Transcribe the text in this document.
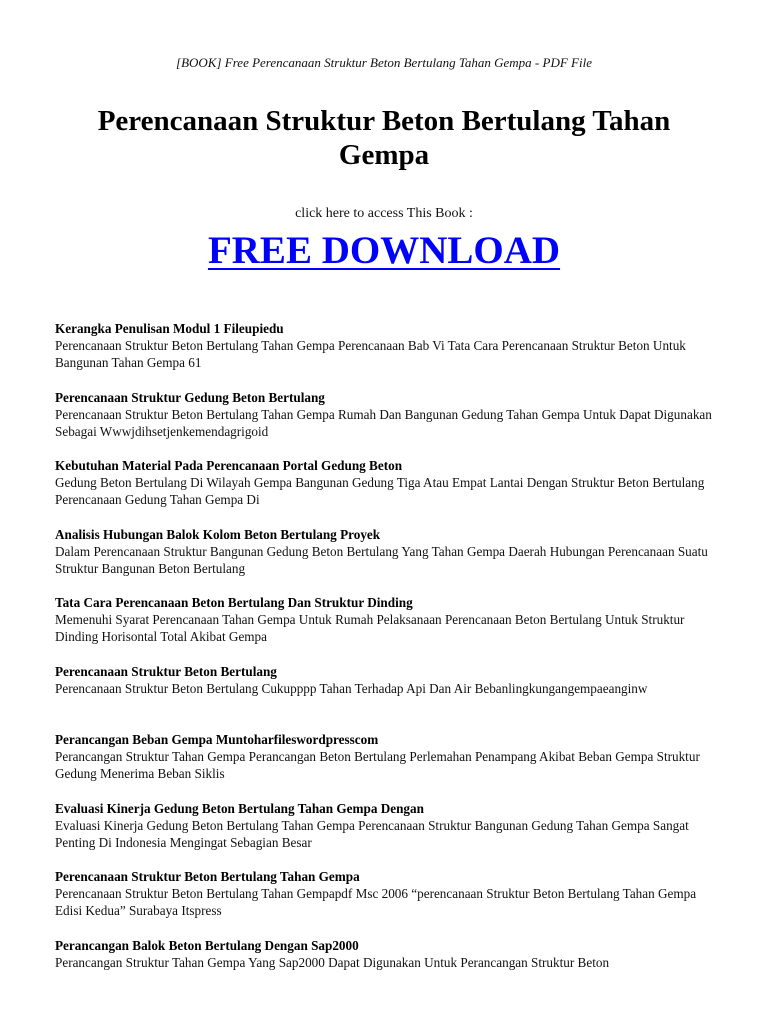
[BOOK] Free Perencanaan Struktur Beton Bertulang Tahan Gempa - PDF File
Perencanaan Struktur Beton Bertulang Tahan Gempa
click here to access This Book :
FREE DOWNLOAD
Kerangka Penulisan Modul 1 Fileupiedu
Perencanaan Struktur Beton Bertulang Tahan Gempa Perencanaan Bab Vi Tata Cara Perencanaan Struktur Beton Untuk Bangunan Tahan Gempa 61
Perencanaan Struktur Gedung Beton Bertulang
Perencanaan Struktur Beton Bertulang Tahan Gempa Rumah Dan Bangunan Gedung Tahan Gempa Untuk Dapat Digunakan Sebagai Wwwjdihsetjenkemendagrigoid
Kebutuhan Material Pada Perencanaan Portal Gedung Beton
Gedung Beton Bertulang Di Wilayah Gempa Bangunan Gedung Tiga Atau Empat Lantai Dengan Struktur Beton Bertulang Perencanaan Gedung Tahan Gempa Di
Analisis Hubungan Balok Kolom Beton Bertulang Proyek
Dalam Perencanaan Struktur Bangunan Gedung Beton Bertulang Yang Tahan Gempa Daerah Hubungan Perencanaan Suatu Struktur Bangunan Beton Bertulang
Tata Cara Perencanaan Beton Bertulang Dan Struktur Dinding
Memenuhi Syarat Perencanaan Tahan Gempa Untuk Rumah Pelaksanaan Perencanaan Beton Bertulang Untuk Struktur Dinding Horisontal Total Akibat Gempa
Perencanaan Struktur Beton Bertulang
Perencanaan Struktur Beton Bertulang Cukupppp Tahan Terhadap Api Dan Air Bebanlingkungangempaeanginw
Perancangan Beban Gempa Muntoharfileswordpresscom
Perancangan Struktur Tahan Gempa Perancangan Beton Bertulang Perlemahan Penampang Akibat Beban Gempa Struktur Gedung Menerima Beban Siklis
Evaluasi Kinerja Gedung Beton Bertulang Tahan Gempa Dengan
Evaluasi Kinerja Gedung Beton Bertulang Tahan Gempa Perencanaan Struktur Bangunan Gedung Tahan Gempa Sangat Penting Di Indonesia Mengingat Sebagian Besar
Perencanaan Struktur Beton Bertulang Tahan Gempa
Perencanaan Struktur Beton Bertulang Tahan Gempapdf Msc 2006 “perencanaan Struktur Beton Bertulang Tahan Gempa Edisi Kedua” Surabaya Itspress
Perancangan Balok Beton Bertulang Dengan Sap2000
Perancangan Struktur Tahan Gempa Yang Sap2000 Dapat Digunakan Untuk Perancangan Struktur Beton
